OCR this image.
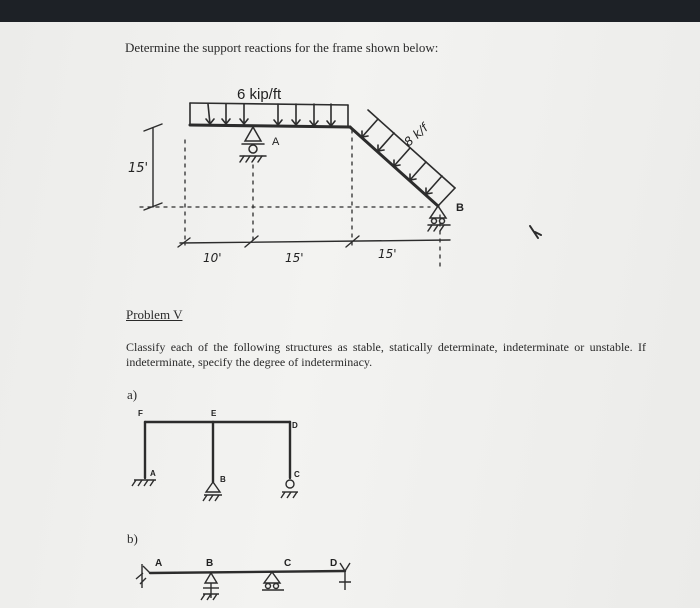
Determine the support reactions for the frame shown below:
Problem V
Classify each of the following structures as stable, statically determinate, indeterminate or unstable. If indeterminate, specify the degree of indeterminacy.
a)
b)
6 kip/ft
8 k/f
15'
10'	15'	15'
A
B
F	E
D
A
B
C
A	B	C	D
